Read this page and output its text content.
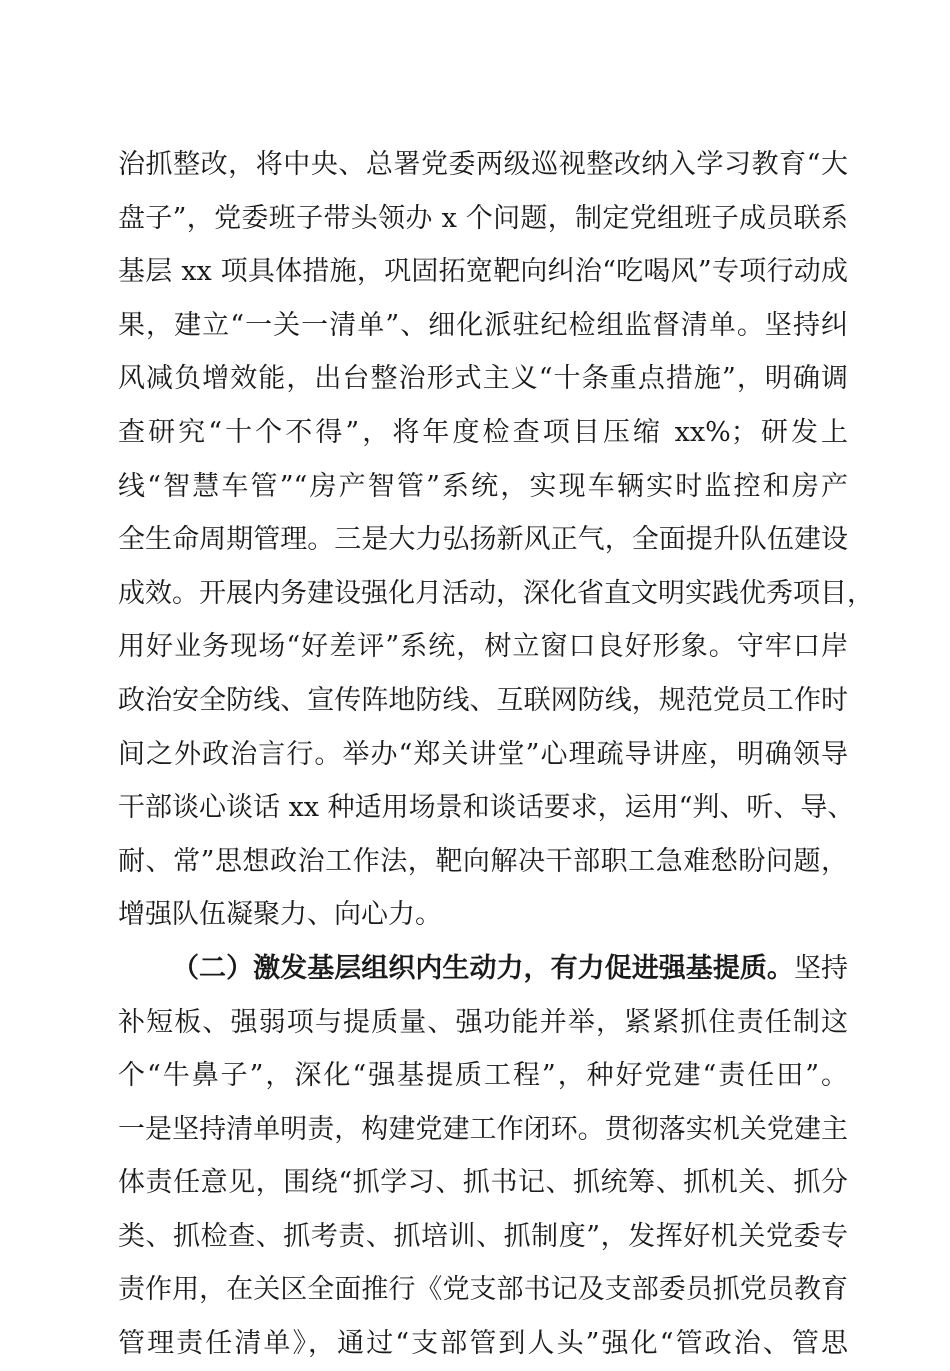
治抓整改，将中央、总署党委两级巡视整改纳入学习教育“大
盘子”，党委班子带头领办 x 个问题，制定党组班子成员联系
基层 xx 项具体措施，巩固拓宽靶向纠治“吃喝风”专项行动成
果，建立“一关一清单”、细化派驻纪检组监督清单。坚持纠
风减负增效能，出台整治形式主义“十条重点措施”，明确调
查研究“十个不得”，将年度检查项目压缩 xx%；研发上
线“智慧车管”“房产智管”系统，实现车辆实时监控和房产
全生命周期管理。三是大力弘扬新风正气，全面提升队伍建设
成效。开展内务建设强化月活动，深化省直文明实践优秀项目，
用好业务现场“好差评”系统，树立窗口良好形象。守牢口岸
政治安全防线、宣传阵地防线、互联网防线，规范党员工作时
间之外政治言行。举办“郑关讲堂”心理疏导讲座，明确领导
干部谈心谈话 xx 种适用场景和谈话要求，运用“判、听、导、
耐、常”思想政治工作法，靶向解决干部职工急难愁盼问题，
增强队伍凝聚力、向心力。
（二）激发基层组织内生动力，有力促进强基提质。坚持
补短板、强弱项与提质量、强功能并举，紧紧抓住责任制这
个“牛鼻子”，深化“强基提质工程”，种好党建“责任田”。
一是坚持清单明责，构建党建工作闭环。贯彻落实机关党建主
体责任意见，围绕“抓学习、抓书记、抓统筹、抓机关、抓分
类、抓检查、抓考责、抓培训、抓制度”，发挥好机关党委专
责作用，在关区全面推行《党支部书记及支部委员抓党员教育
管理责任清单》，通过“支部管到人头”强化“管政治、管思
